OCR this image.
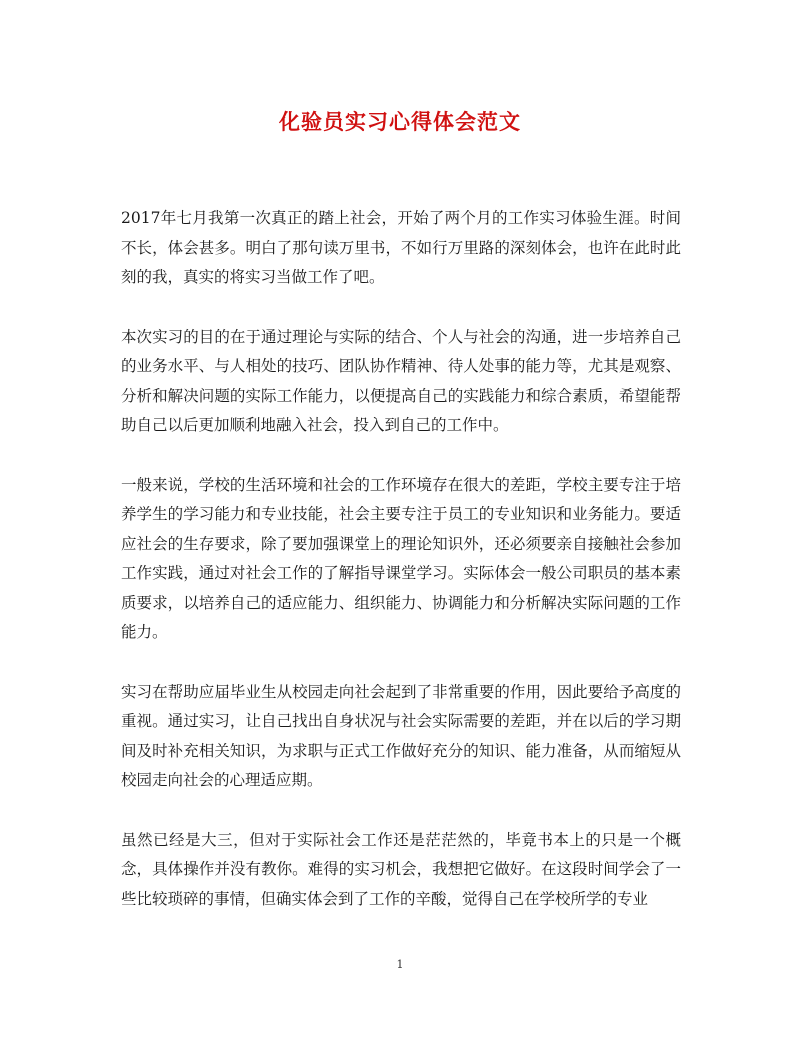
化验员实习心得体会范文

2017年七月我第一次真正的踏上社会，开始了两个月的工作实习体验生涯。时间不长，体会甚多。明白了那句读万里书，不如行万里路的深刻体会，也许在此时此刻的我，真实的将实习当做工作了吧。

本次实习的目的在于通过理论与实际的结合、个人与社会的沟通，进一步培养自己的业务水平、与人相处的技巧、团队协作精神、待人处事的能力等，尤其是观察、分析和解决问题的实际工作能力，以便提高自己的实践能力和综合素质，希望能帮助自己以后更加顺利地融入社会，投入到自己的工作中。

一般来说，学校的生活环境和社会的工作环境存在很大的差距，学校主要专注于培养学生的学习能力和专业技能，社会主要专注于员工的专业知识和业务能力。要适应社会的生存要求，除了要加强课堂上的理论知识外，还必须要亲自接触社会参加工作实践，通过对社会工作的了解指导课堂学习。实际体会一般公司职员的基本素质要求，以培养自己的适应能力、组织能力、协调能力和分析解决实际问题的工作能力。

实习在帮助应届毕业生从校园走向社会起到了非常重要的作用，因此要给予高度的重视。通过实习，让自己找出自身状况与社会实际需要的差距，并在以后的学习期间及时补充相关知识，为求职与正式工作做好充分的知识、能力准备，从而缩短从校园走向社会的心理适应期。

虽然已经是大三，但对于实际社会工作还是茫茫然的，毕竟书本上的只是一个概念，具体操作并没有教你。难得的实习机会，我想把它做好。在这段时间学会了一些比较琐碎的事情，但确实体会到了工作的辛酸，觉得自己在学校所学的专业

1
